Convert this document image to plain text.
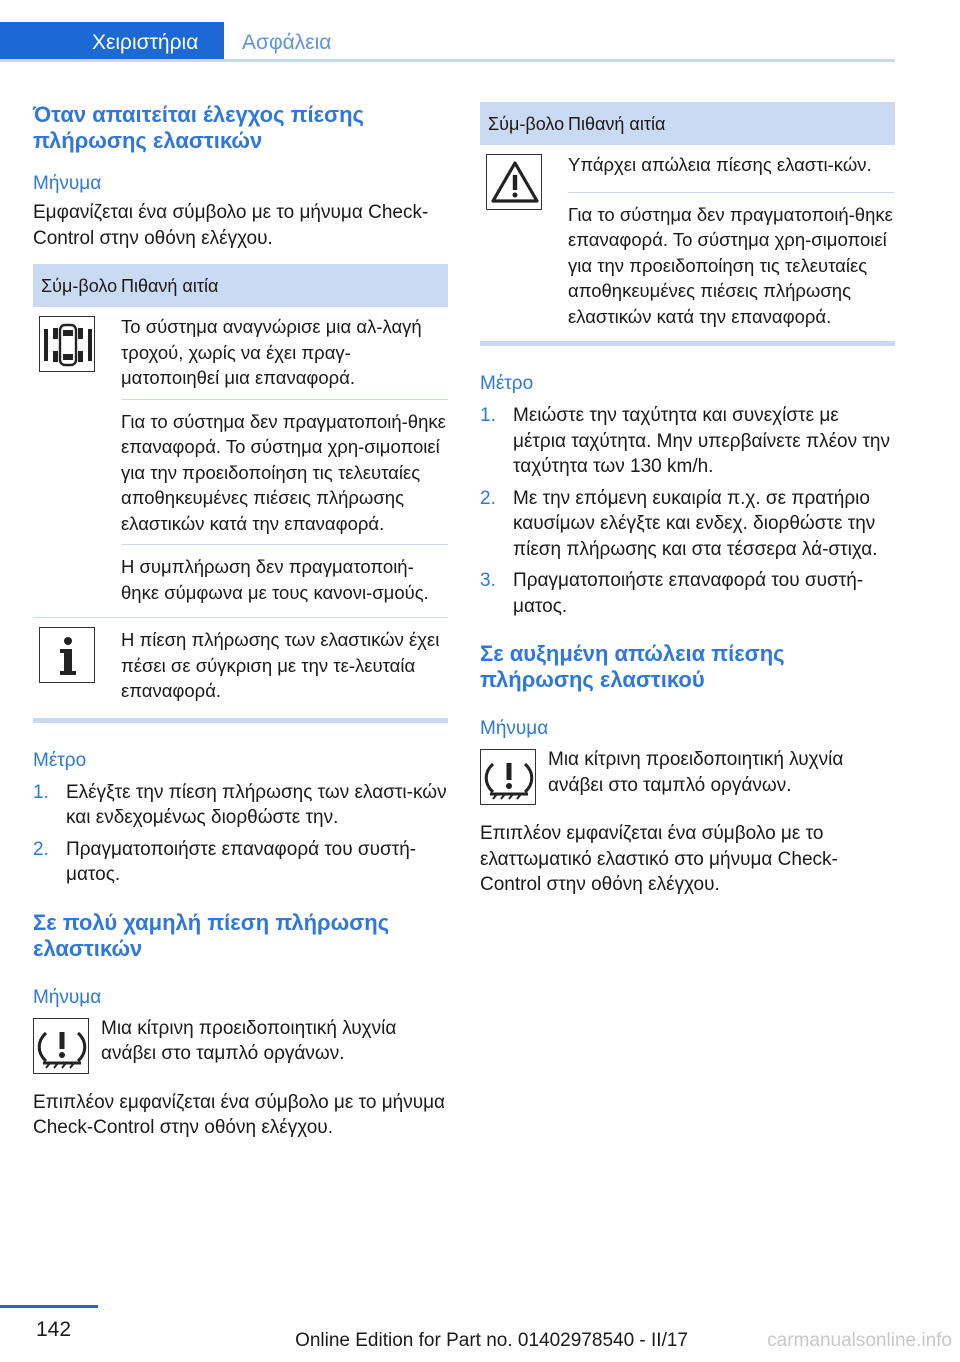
Χειριστήρια	Ασφάλεια
Όταν απαιτείται έλεγχος πίεσης πλήρωσης ελαστικών
Μήνυμα

Εμφανίζεται ένα σύμβολο με το μήνυμα Check-Control στην οθόνη ελέγχου.

Σύμ-βολο	Πιθανή αιτία

	Το σύστημα αναγνώρισε μια αλ-λαγή τροχού, χωρίς να έχει πραγ-ματοποιηθεί μια επαναφορά.
	Για το σύστημα δεν πραγματοποιή-θηκε επαναφορά. Το σύστημα χρη-σιμοποιεί για την προειδοποίηση τις τελευταίες αποθηκευμένες πιέσεις πλήρωσης ελαστικών κατά την επαναφορά.
	Η συμπλήρωση δεν πραγματοποιή-θηκε σύμφωνα με τους κανονι-σμούς.

	Η πίεση πλήρωσης των ελαστικών έχει πέσει σε σύγκριση με την τε-λευταία επαναφορά.
Μέτρο
1. Ελέγξτε την πίεση πλήρωσης των ελαστι-κών και ενδεχομένως διορθώστε την.
2. Πραγματοποιήστε επαναφορά του συστή-ματος.
Σε πολύ χαμηλή πίεση πλήρωσης ελαστικών
Μήνυμα

Μια κίτρινη προειδοποιητική λυχνία ανάβει στο ταμπλό οργάνων.

Επιπλέον εμφανίζεται ένα σύμβολο με το μήνυμα Check-Control στην οθόνη ελέγχου.

Σύμ-βολο	Πιθανή αιτία

	Υπάρχει απώλεια πίεσης ελαστι-κών.
	Για το σύστημα δεν πραγματοποιή-θηκε επαναφορά. Το σύστημα χρη-σιμοποιεί για την προειδοποίηση τις τελευταίες αποθηκευμένες πιέσεις πλήρωσης ελαστικών κατά την επαναφορά.
Μέτρο
1. Μειώστε την ταχύτητα και συνεχίστε με μέτρια ταχύτητα. Μην υπερβαίνετε πλέον την ταχύτητα των 130 km/h.
2. Με την επόμενη ευκαιρία π.χ. σε πρατήριο καυσίμων ελέγξτε και ενδεχ. διορθώστε την πίεση πλήρωσης και στα τέσσερα λά-στιχα.
3. Πραγματοποιήστε επαναφορά του συστή-ματος.
Σε αυξημένη απώλεια πίεσης πλήρωσης ελαστικού
Μήνυμα

Μια κίτρινη προειδοποιητική λυχνία ανάβει στο ταμπλό οργάνων.

Επιπλέον εμφανίζεται ένα σύμβολο με το ελαττωματικό ελαστικό στο μήνυμα Check-Control στην οθόνη ελέγχου.

142	Online Edition for Part no. 01402978540 - II/17	carmanualsonline.info
